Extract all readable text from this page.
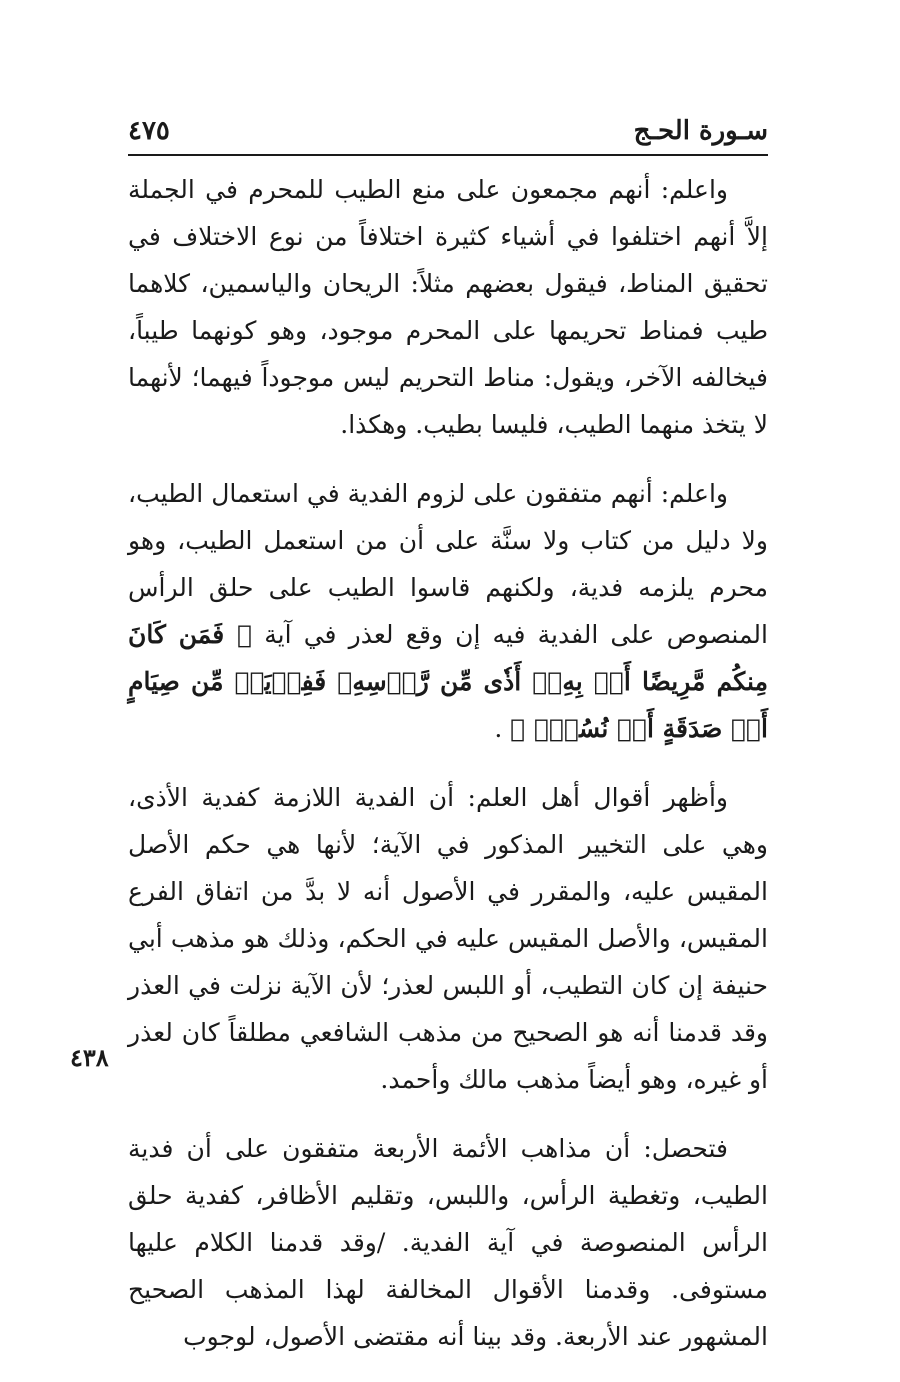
سـورة الحـج
٤٧٥

واعلم: أنهم مجمعون على منع الطيب للمحرم في الجملة إلاَّ أنهم اختلفوا في أشياء كثيرة اختلافاً من نوع الاختلاف في تحقيق المناط، فيقول بعضهم مثلاً: الريحان والياسمين، كلاهما طيب فمناط تحريمها على المحرم موجود، وهو كونهما طيباً، فيخالفه الآخر، ويقول: مناط التحريم ليس موجوداً فيهما؛ لأنهما لا يتخذ منهما الطيب، فليسا بطيب. وهكذا.

واعلم: أنهم متفقون على لزوم الفدية في استعمال الطيب، ولا دليل من كتاب ولا سنَّة على أن من استعمل الطيب، وهو محرم يلزمه فدية، ولكنهم قاسوا الطيب على حلق الرأس المنصوص على الفدية فيه إن وقع لعذر في آية ﴿ فَمَن كَانَ مِنكُم مَّرِيضًا أَوۡ بِهِۦٓ أَذٗى مِّن رَّأۡسِهِۦ فَفِدۡيَةٞ مِّن صِيَامٍ أَوۡ صَدَقَةٍ أَوۡ نُسُكٖۚ ﴾ .

وأظهر أقوال أهل العلم: أن الفدية اللازمة كفدية الأذى، وهي على التخيير المذكور في الآية؛ لأنها هي حكم الأصل المقيس عليه، والمقرر في الأصول أنه لا بدَّ من اتفاق الفرع المقيس، والأصل المقيس عليه في الحكم، وذلك هو مذهب أبي حنيفة إن كان التطيب، أو اللبس لعذر؛ لأن الآية نزلت في العذر وقد قدمنا أنه هو الصحيح من مذهب الشافعي مطلقاً كان لعذر أو غيره، وهو أيضاً مذهب مالك وأحمد.

فتحصل: أن مذاهب الأئمة الأربعة متفقون على أن فدية الطيب، وتغطية الرأس، واللبس، وتقليم الأظافر، كفدية حلق الرأس المنصوصة في آية الفدية. /وقد قدمنا الكلام عليها مستوفى. وقدمنا الأقوال المخالفة لهذا المذهب الصحيح المشهور عند الأربعة. وقد بينا أنه مقتضى الأصول، لوجوب

٤٣٨
